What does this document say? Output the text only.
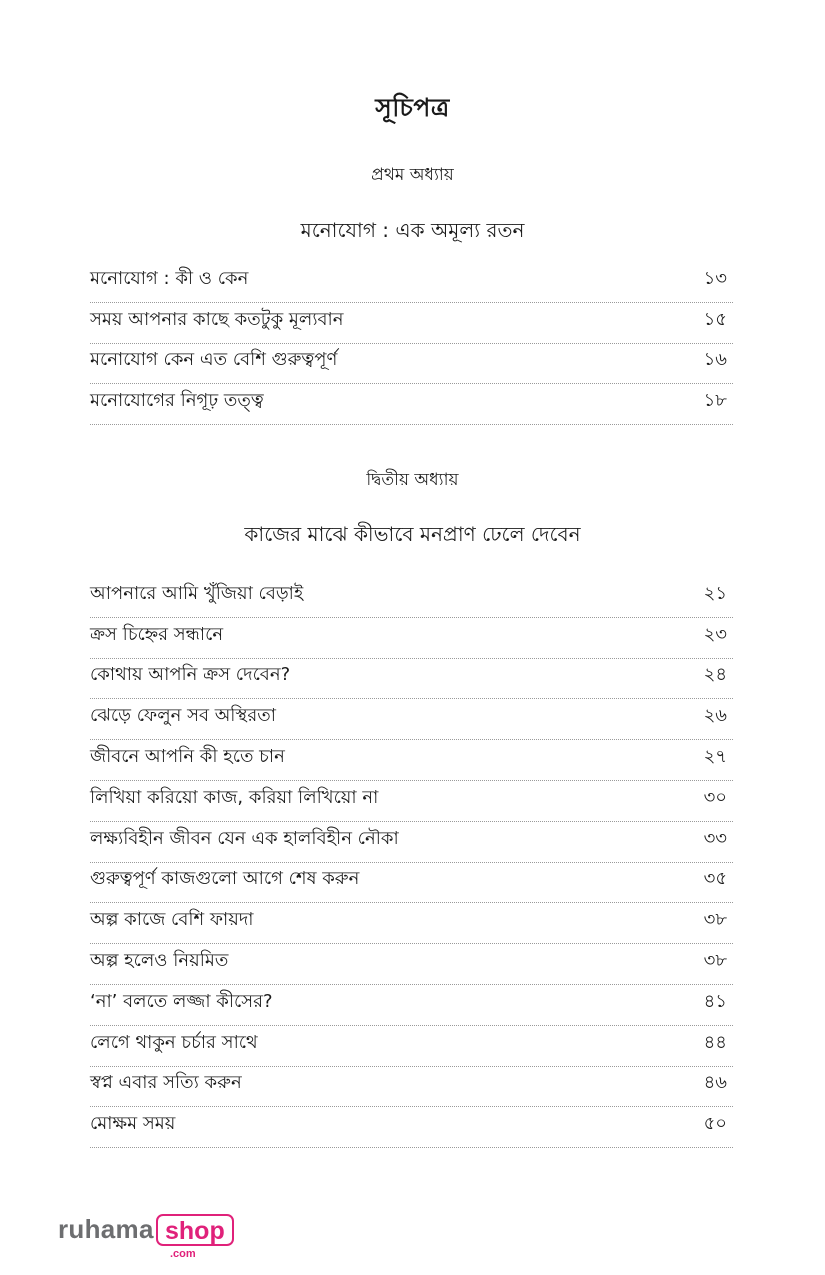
সূচিপত্র
প্রথম অধ্যায়
মনোযোগ : এক অমূল্য রতন
মনোযোগ : কী ও কেন	১৩
সময় আপনার কাছে কতটুকু মূল্যবান	১৫
মনোযোগ কেন এত বেশি গুরুত্বপূর্ণ	১৬
মনোযোগের নিগূঢ় তত্ত্ব	১৮
দ্বিতীয় অধ্যায়
কাজের মাঝে কীভাবে মনপ্রাণ ঢেলে দেবেন
আপনারে আমি খুঁজিয়া বেড়াই	২১
ক্রস চিহ্নের সন্ধানে	২৩
কোথায় আপনি ক্রস দেবেন?	২৪
ঝেড়ে ফেলুন সব অস্থিরতা	২৬
জীবনে আপনি কী হতে চান	২৭
লিখিয়া করিয়ো কাজ, করিয়া লিখিয়ো না	৩০
লক্ষ্যবিহীন জীবন যেন এক হালবিহীন নৌকা	৩৩
গুরুত্বপূর্ণ কাজগুলো আগে শেষ করুন	৩৫
অল্প কাজে বেশি ফায়দা	৩৮
অল্প হলেও নিয়মিত	৩৮
‘না’ বলতে লজ্জা কীসের?	৪১
লেগে থাকুন চর্চার সাথে	৪৪
স্বপ্ন এবার সত্যি করুন	৪৬
মোক্ষম সময়	৫০
ruhama shop
.com
